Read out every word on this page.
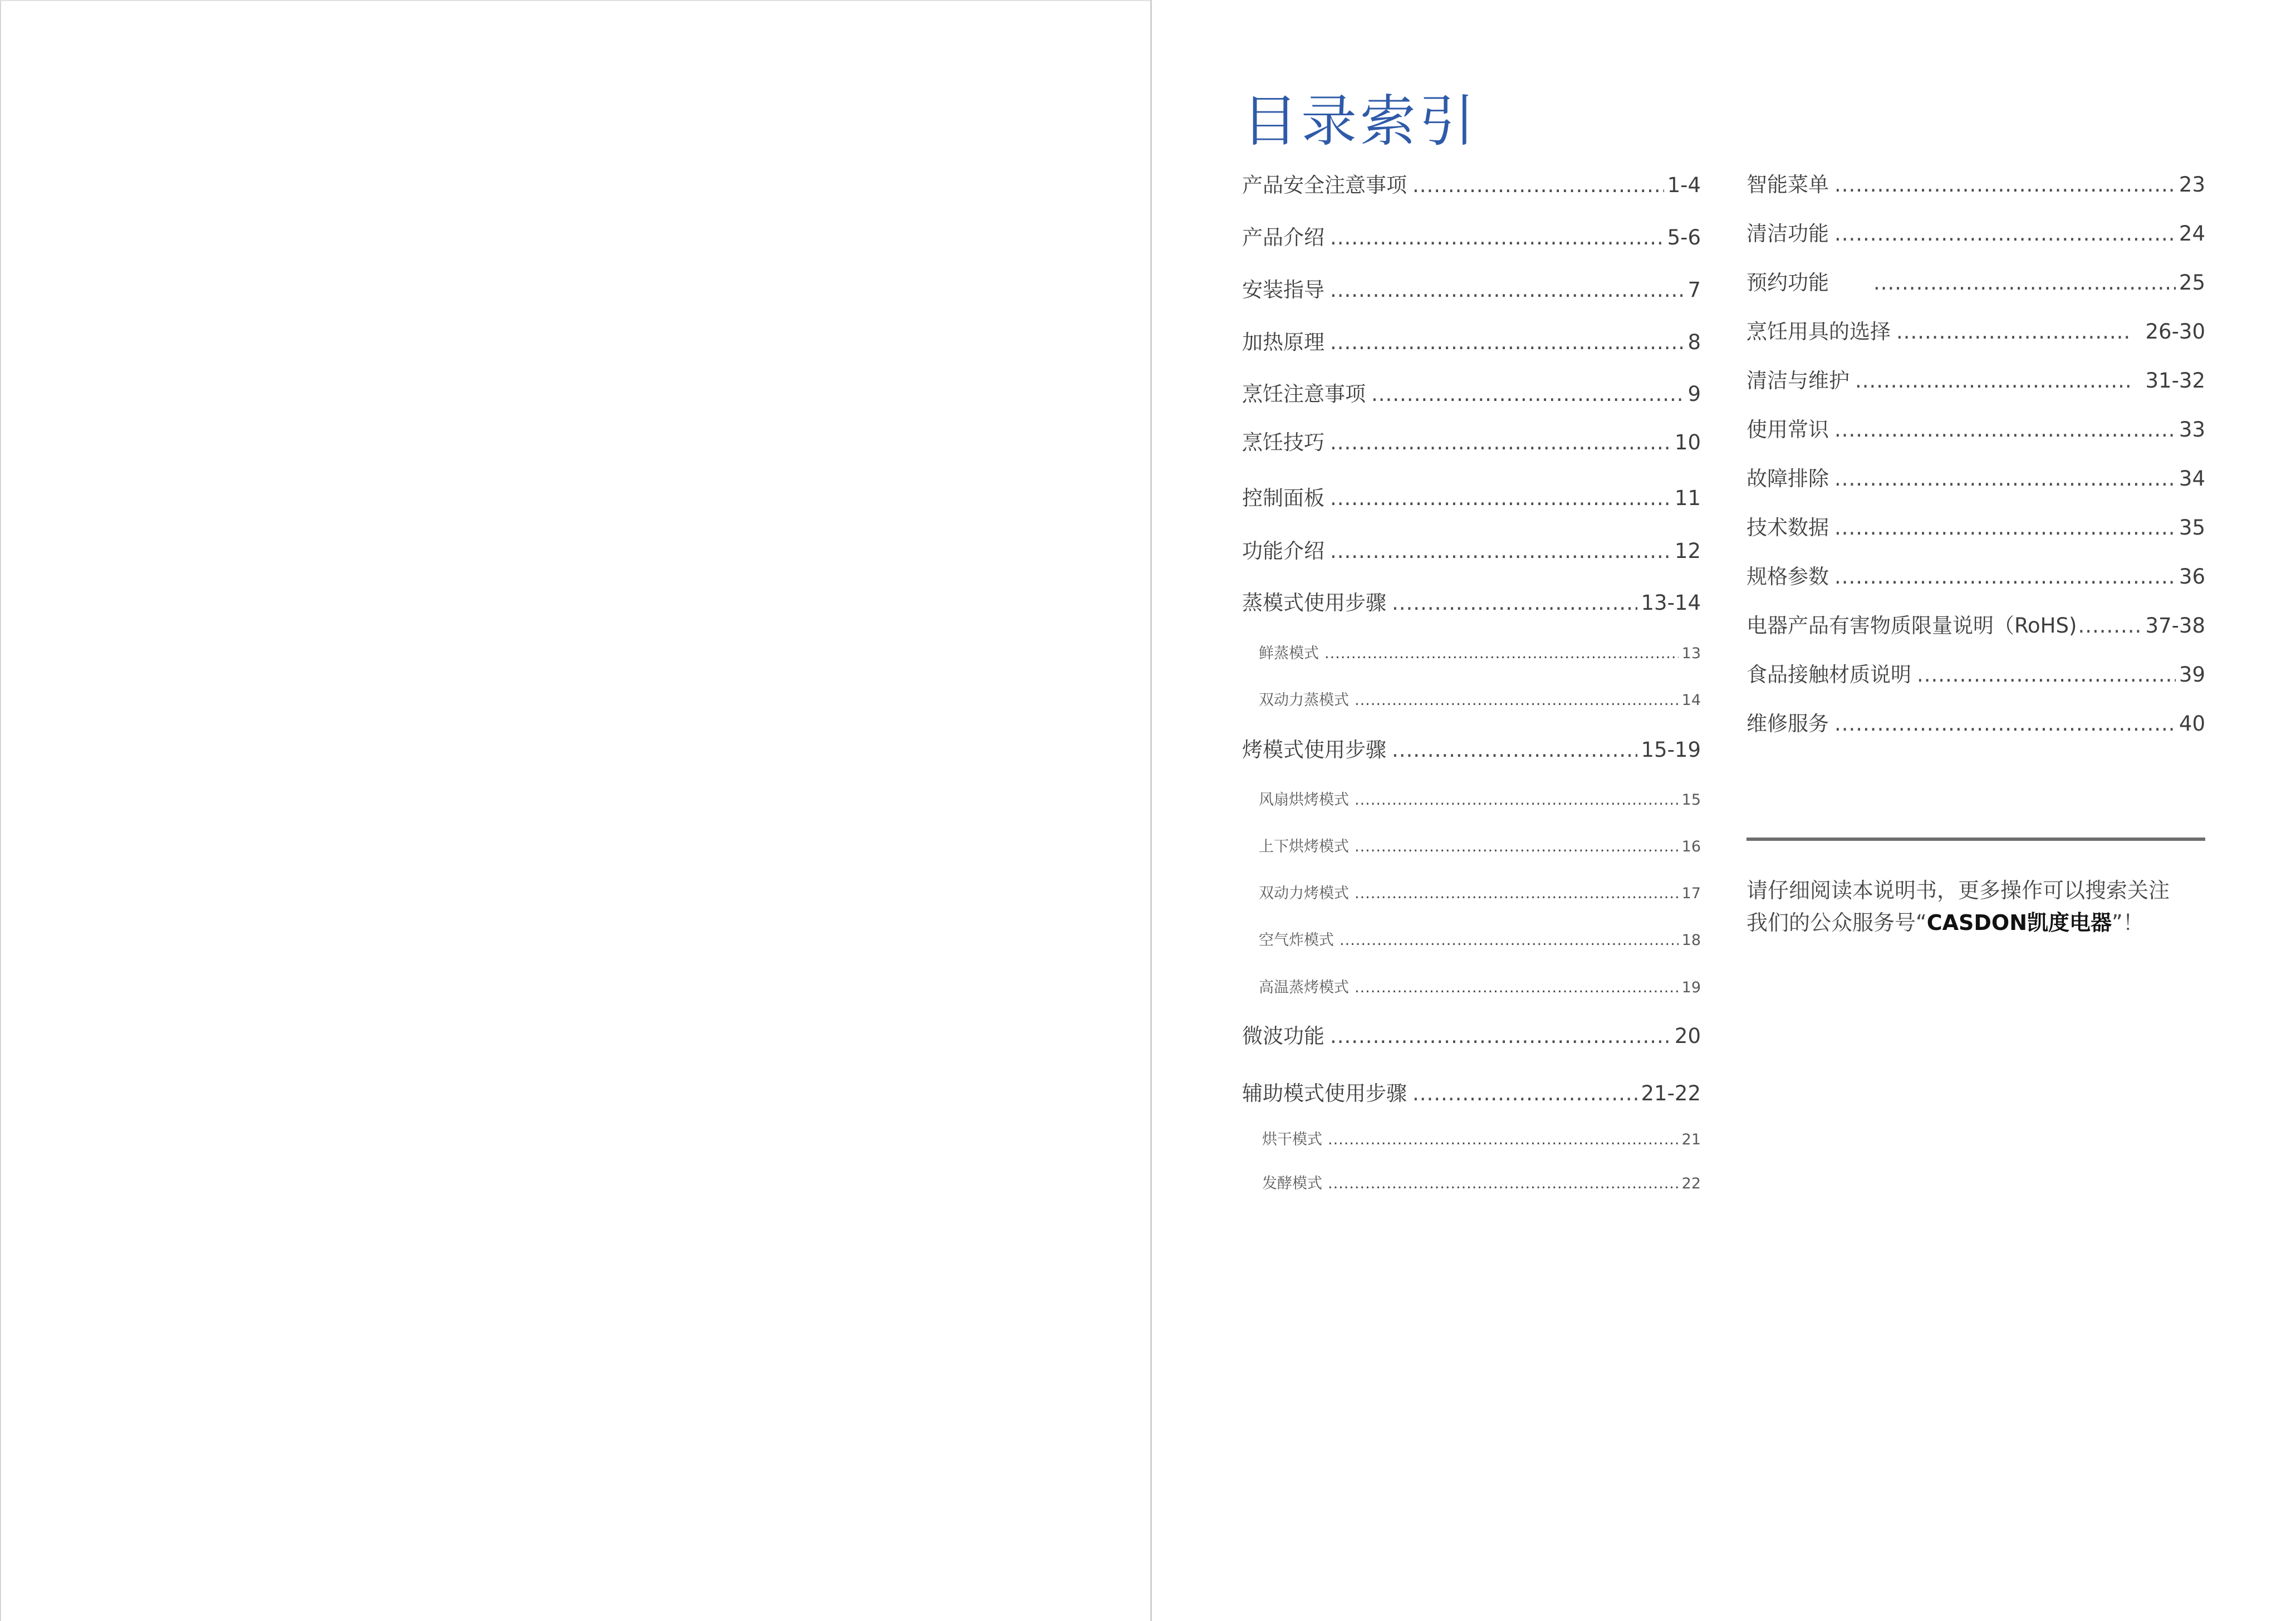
目录索引
产品安全注意事项 .....	1-4
产品介绍 .....	5-6
安装指导 .....	7
加热原理 .....	8
烹饪注意事项 .....	9
烹饪技巧 .....	10
控制面板 .....	11
功能介绍 .....	12
蒸模式使用步骤 .....	13-14
鲜蒸模式 .....	13
双动力蒸模式 .....	14
烤模式使用步骤 .....	15-19
风扇烘烤模式 .....	15
上下烘烤模式 .....	16
双动力烤模式 .....	17
空气炸模式 .....	18
高温蒸烤模式 .....	19
微波功能 .....	20
辅助模式使用步骤 .....	21-22
烘干模式 .....	21
发酵模式 .....	22
智能菜单 .....	23
清洁功能 .....	24
预约功能 .....	25
烹饪用具的选择 .....	26-30
清洁与维护 .....	31-32
使用常识 .....	33
故障排除 .....	34
技术数据 .....	35
规格参数 .....	36
电器产品有害物质限量说明（RoHS) .....	37-38
食品接触材质说明 .....	39
维修服务 .....	40
请仔细阅读本说明书，更多操作可以搜索关注
我们的公众服务号“CASDON凯度电器”！
